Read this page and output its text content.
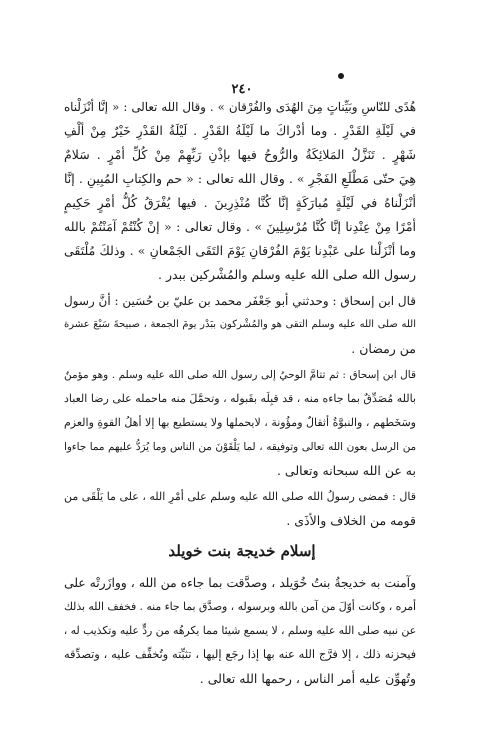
٢٤٠
هُدًى للنّاسِ وبَيِّناتٍ مِنَ الهُدَى والفُرْقان » . وقال الله تعالى : « إنَّا أنْزَلْناه
في لَيْلَةِ القَدْرِ . وما أدْراكَ ما لَيْلَةُ القَدْرِ . لَيْلَةُ القَدْرِ خَيْرٌ مِنْ ألْفِ
شَهْرٍ . تَنَزَّلُ المَلائِكَةُ والرُّوحُ فيها بإذْنِ رَبِّهِمْ مِنْ كُلِّ أمْرٍ . سَلامٌ
هِيَ حتّى مَطْلَعِ الفَجْرِ » . وقال الله تعالى : « حم والكِتابِ المُبِينِ . إنَّا
أنْزَلْناهُ في لَيْلَةٍ مُبارَكَةٍ إنَّا كُنَّا مُنْذِرِينَ . فيها يُفْرَقُ كُلُّ أمْرٍ حَكِيمٍ
أمْرًا مِنْ عِنْدِنا إنَّا كُنَّا مُرْسِلِينَ » . وقال تعالى : « إنْ كُنْتُمْ آمَنْتُمْ بالله
وما أنْزَلْنا على عَبْدِنا يَوْمَ الفُرْقانِ يَوْمَ التَقَى الجَمْعانِ » . وذلكَ مُلْتَقَى
رسول الله صلى الله عليه وسلم والمُشْركين ببدر .
قال ابن إسحاق : وحدثني أبو جَعْفَر محمد بن عليّ بن حُسَين : أنَّ رسول
الله صلى الله عليه وسلم التقى هو والمُشْركون ببَدْر يومَ الجمعة ، صبيحةَ سَبْعَ عشرة
من رمضان .
قال ابن إسحاق : ثم تتامَّ الوحيُ إلى رسول الله صلى الله عليه وسلم . وهو مؤمنٌ
بالله مُصَدِّقٌ بما جاءه منه ، قد قبِلَه بقَبوله ، وتحمَّلَ منه ماحمله على رضا العباد
وسَخَطهم ، والنبوَّةُ أثقالٌ ومؤُونة ، لايحملها ولا يستطيع بها إلا أهلُ القوةِ والعزم
من الرسل بعون الله تعالى وتوفيقه ، لما يَلْقَوْنَ من الناس وما يُرَدُّ عليهم مما جاءوا
به عن الله سبحانه وتعالى .
قال : فمضى رسولُ الله صلى الله عليه وسلم على أمْرِ الله ، على ما يَلْقَى من
قومه من الخلاف والأذَى .
إسلام خديجة بنت خويلد
وآمنت به خديجةُ بنتُ خُوَيلد ، وصدَّقت بما جاءه من الله ، ووازَرتْه على
أمره ، وكانت أوّلَ من آمن بالله وبرسوله ، وصدَّق بما جاء منه . فخفف الله بذلك
عن نبيه صلى الله عليه وسلم ، لا يسمع شيئا مما يكرهُه من ردٍّ عليه وتكذيب له ،
فيحزنه ذلك ، إلا فرَّج الله عنه بها إذا رجَع إليها ، تثبِّته وتُخفِّف عليه ، وتصدِّقه
وتُهوِّن عليه أمر الناس ، رحمها الله تعالى .
